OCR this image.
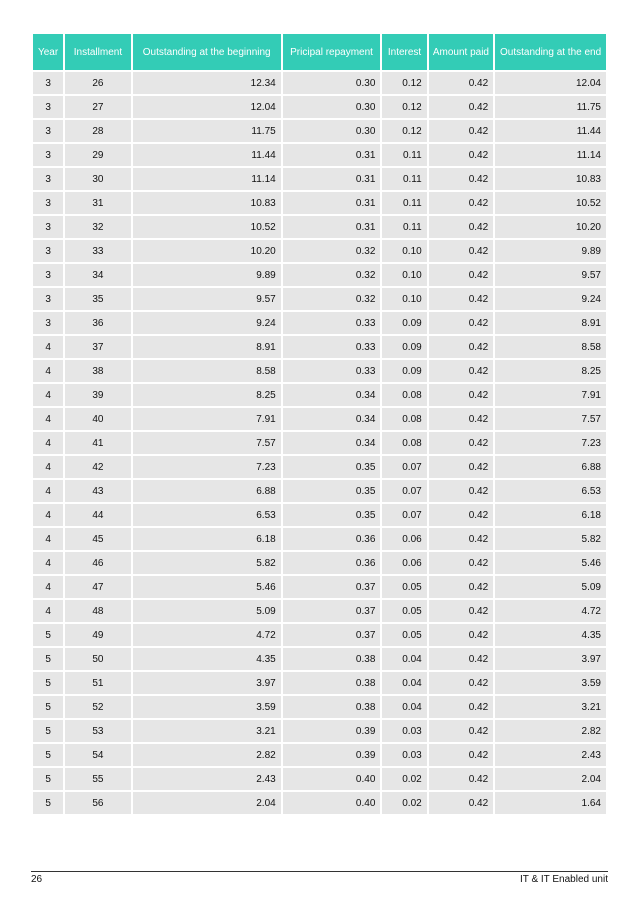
Year	Installment	Outstanding at the beginning	Pricipal repayment	Interest	Amount paid	Outstanding at the end
3	26	12.34	0.30	0.12	0.42	12.04
3	27	12.04	0.30	0.12	0.42	11.75
3	28	11.75	0.30	0.12	0.42	11.44
3	29	11.44	0.31	0.11	0.42	11.14
3	30	11.14	0.31	0.11	0.42	10.83
3	31	10.83	0.31	0.11	0.42	10.52
3	32	10.52	0.31	0.11	0.42	10.20
3	33	10.20	0.32	0.10	0.42	9.89
3	34	9.89	0.32	0.10	0.42	9.57
3	35	9.57	0.32	0.10	0.42	9.24
3	36	9.24	0.33	0.09	0.42	8.91
4	37	8.91	0.33	0.09	0.42	8.58
4	38	8.58	0.33	0.09	0.42	8.25
4	39	8.25	0.34	0.08	0.42	7.91
4	40	7.91	0.34	0.08	0.42	7.57
4	41	7.57	0.34	0.08	0.42	7.23
4	42	7.23	0.35	0.07	0.42	6.88
4	43	6.88	0.35	0.07	0.42	6.53
4	44	6.53	0.35	0.07	0.42	6.18
4	45	6.18	0.36	0.06	0.42	5.82
4	46	5.82	0.36	0.06	0.42	5.46
4	47	5.46	0.37	0.05	0.42	5.09
4	48	5.09	0.37	0.05	0.42	4.72
5	49	4.72	0.37	0.05	0.42	4.35
5	50	4.35	0.38	0.04	0.42	3.97
5	51	3.97	0.38	0.04	0.42	3.59
5	52	3.59	0.38	0.04	0.42	3.21
5	53	3.21	0.39	0.03	0.42	2.82
5	54	2.82	0.39	0.03	0.42	2.43
5	55	2.43	0.40	0.02	0.42	2.04
5	56	2.04	0.40	0.02	0.42	1.64
26	IT & IT Enabled unit
